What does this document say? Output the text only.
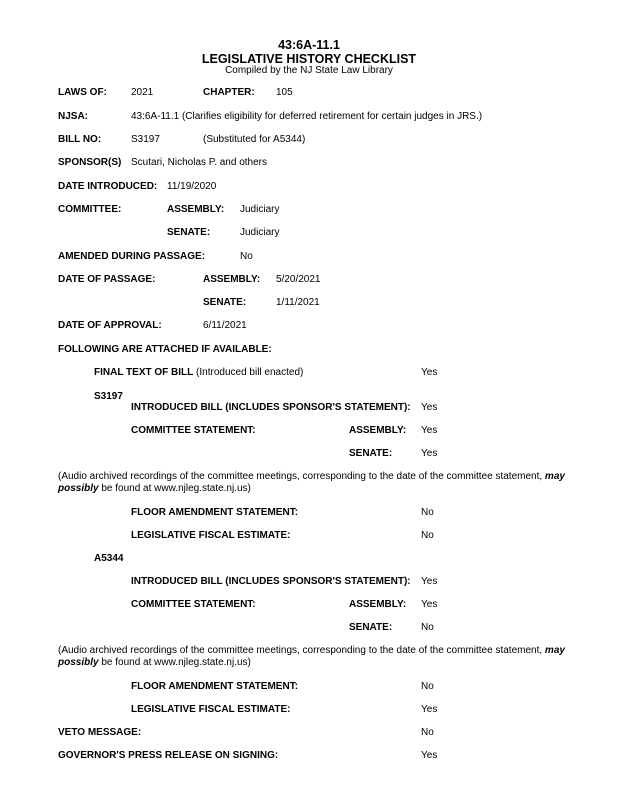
43:6A-11.1
LEGISLATIVE HISTORY CHECKLIST
Compiled by the NJ State Law Library
LAWS OF: 2021	CHAPTER: 105
NJSA:	43:6A-11.1 (Clarifies eligibility for deferred retirement for certain judges in JRS.)
BILL NO:	S3197	(Substituted for A5344)
SPONSOR(S) Scutari, Nicholas P. and others
DATE INTRODUCED: 11/19/2020
COMMITTEE:	ASSEMBLY: Judiciary
SENATE:	Judiciary
AMENDED DURING PASSAGE:	No
DATE OF PASSAGE:	ASSEMBLY: 5/20/2021
SENATE:	1/11/2021
DATE OF APPROVAL:	6/11/2021
FOLLOWING ARE ATTACHED IF AVAILABLE:
FINAL TEXT OF BILL (Introduced bill enacted)	Yes
S3197
INTRODUCED BILL (INCLUDES SPONSOR'S STATEMENT): Yes
COMMITTEE STATEMENT:	ASSEMBLY: Yes
SENATE:	Yes
(Audio archived recordings of the committee meetings, corresponding to the date of the committee statement, may possibly be found at www.njleg.state.nj.us)
FLOOR AMENDMENT STATEMENT:	No
LEGISLATIVE FISCAL ESTIMATE:	No
A5344
INTRODUCED BILL (INCLUDES SPONSOR'S STATEMENT): Yes
COMMITTEE STATEMENT:	ASSEMBLY: Yes
SENATE:	No
(Audio archived recordings of the committee meetings, corresponding to the date of the committee statement, may possibly be found at www.njleg.state.nj.us)
FLOOR AMENDMENT STATEMENT:	No
LEGISLATIVE FISCAL ESTIMATE:	Yes
VETO MESSAGE:	No
GOVERNOR'S PRESS RELEASE ON SIGNING:	Yes
